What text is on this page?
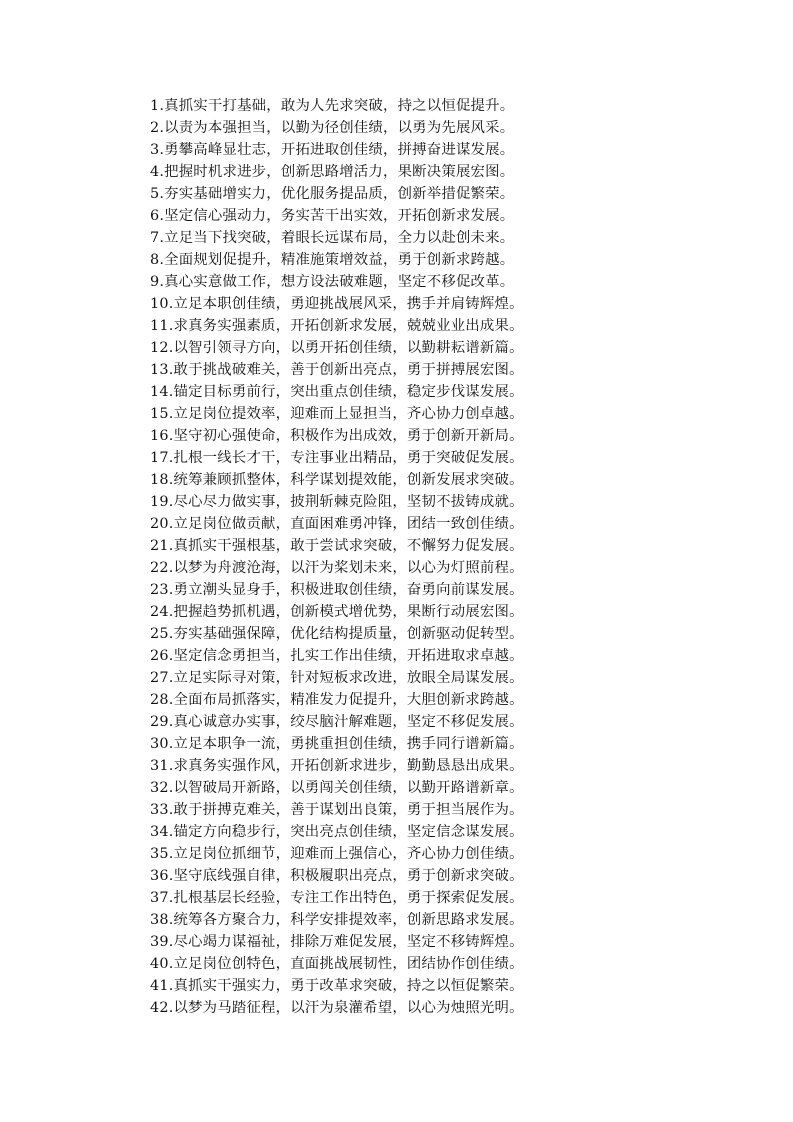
1.真抓实干打基础，敢为人先求突破，持之以恒促提升。
2.以责为本强担当，以勤为径创佳绩，以勇为先展风采。
3.勇攀高峰显壮志，开拓进取创佳绩，拼搏奋进谋发展。
4.把握时机求进步，创新思路增活力，果断决策展宏图。
5.夯实基础增实力，优化服务提品质，创新举措促繁荣。
6.坚定信心强动力，务实苦干出实效，开拓创新求发展。
7.立足当下找突破，着眼长远谋布局，全力以赴创未来。
8.全面规划促提升，精准施策增效益，勇于创新求跨越。
9.真心实意做工作，想方设法破难题，坚定不移促改革。
10.立足本职创佳绩，勇迎挑战展风采，携手并肩铸辉煌。
11.求真务实强素质，开拓创新求发展，兢兢业业出成果。
12.以智引领寻方向，以勇开拓创佳绩，以勤耕耘谱新篇。
13.敢于挑战破难关，善于创新出亮点，勇于拼搏展宏图。
14.锚定目标勇前行，突出重点创佳绩，稳定步伐谋发展。
15.立足岗位提效率，迎难而上显担当，齐心协力创卓越。
16.坚守初心强使命，积极作为出成效，勇于创新开新局。
17.扎根一线长才干，专注事业出精品，勇于突破促发展。
18.统筹兼顾抓整体，科学谋划提效能，创新发展求突破。
19.尽心尽力做实事，披荆斩棘克险阻，坚韧不拔铸成就。
20.立足岗位做贡献，直面困难勇冲锋，团结一致创佳绩。
21.真抓实干强根基，敢于尝试求突破，不懈努力促发展。
22.以梦为舟渡沧海，以汗为桨划未来，以心为灯照前程。
23.勇立潮头显身手，积极进取创佳绩，奋勇向前谋发展。
24.把握趋势抓机遇，创新模式增优势，果断行动展宏图。
25.夯实基础强保障，优化结构提质量，创新驱动促转型。
26.坚定信念勇担当，扎实工作出佳绩，开拓进取求卓越。
27.立足实际寻对策，针对短板求改进，放眼全局谋发展。
28.全面布局抓落实，精准发力促提升，大胆创新求跨越。
29.真心诚意办实事，绞尽脑汁解难题，坚定不移促发展。
30.立足本职争一流，勇挑重担创佳绩，携手同行谱新篇。
31.求真务实强作风，开拓创新求进步，勤勤恳恳出成果。
32.以智破局开新路，以勇闯关创佳绩，以勤开路谱新章。
33.敢于拼搏克难关，善于谋划出良策，勇于担当展作为。
34.锚定方向稳步行，突出亮点创佳绩，坚定信念谋发展。
35.立足岗位抓细节，迎难而上强信心，齐心协力创佳绩。
36.坚守底线强自律，积极履职出亮点，勇于创新求突破。
37.扎根基层长经验，专注工作出特色，勇于探索促发展。
38.统筹各方聚合力，科学安排提效率，创新思路求发展。
39.尽心竭力谋福祉，排除万难促发展，坚定不移铸辉煌。
40.立足岗位创特色，直面挑战展韧性，团结协作创佳绩。
41.真抓实干强实力，勇于改革求突破，持之以恒促繁荣。
42.以梦为马踏征程，以汗为泉灌希望，以心为烛照光明。
